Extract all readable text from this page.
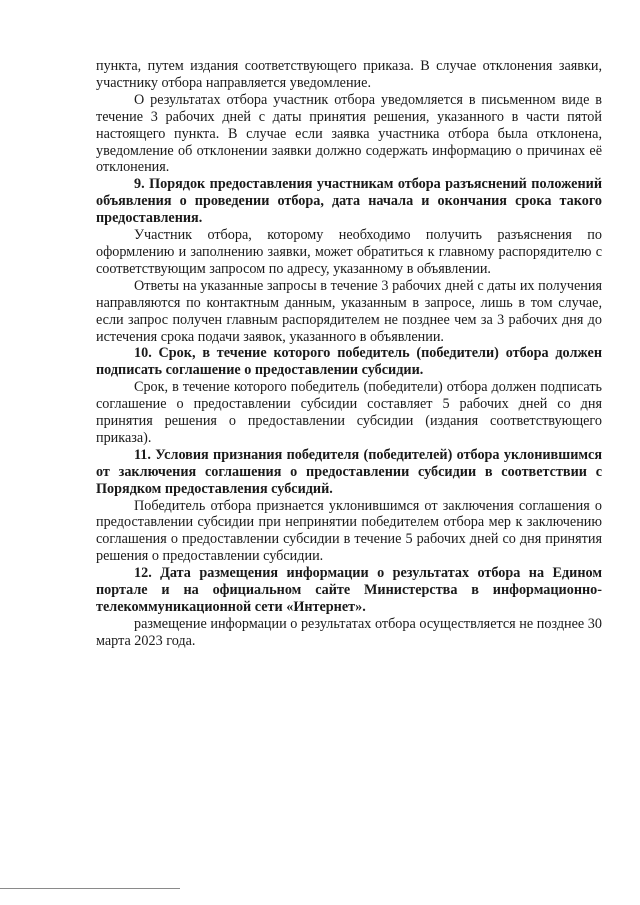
пункта, путем издания соответствующего приказа. В случае отклонения заявки, участнику отбора направляется уведомление.

О результатах отбора участник отбора уведомляется в письменном виде в течение 3 рабочих дней с даты принятия решения, указанного в части пятой настоящего пункта. В случае если заявка участника отбора была отклонена, уведомление об отклонении заявки должно содержать информацию о причинах её отклонения.

9. Порядок предоставления участникам отбора разъяснений положений объявления о проведении отбора, дата начала и окончания срока такого предоставления.

Участник отбора, которому необходимо получить разъяснения по оформлению и заполнению заявки, может обратиться к главному распорядителю с соответствующим запросом по адресу, указанному в объявлении.

Ответы на указанные запросы в течение 3 рабочих дней с даты их получения направляются по контактным данным, указанным в запросе, лишь в том случае, если запрос получен главным распорядителем не позднее чем за 3 рабочих дня до истечения срока подачи заявок, указанного в объявлении.

10. Срок, в течение которого победитель (победители) отбора должен подписать соглашение о предоставлении субсидии.

Срок, в течение которого победитель (победители) отбора должен подписать соглашение о предоставлении субсидии составляет 5 рабочих дней со дня принятия решения о предоставлении субсидии (издания соответствующего приказа).

11. Условия признания победителя (победителей) отбора уклонившимся от заключения соглашения о предоставлении субсидии в соответствии с Порядком предоставления субсидий.

Победитель отбора признается уклонившимся от заключения соглашения о предоставлении субсидии при непринятии победителем отбора мер к заключению соглашения о предоставлении субсидии в течение 5 рабочих дней со дня принятия решения о предоставлении субсидии.

12. Дата размещения информации о результатах отбора на Едином портале и на официальном сайте Министерства в информационно-телекоммуникационной сети «Интернет».

размещение информации о результатах отбора осуществляется не позднее 30 марта 2023 года.
